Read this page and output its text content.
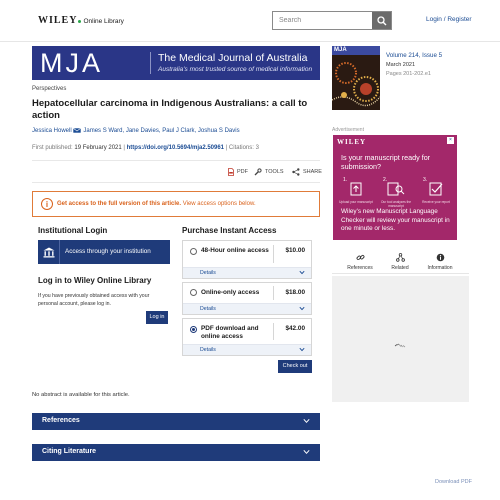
WILEY Online Library
Search	Login / Register
MJA	The Medical Journal of Australia
Australia's most trusted source of medical information
Perspectives
Hepatocellular carcinoma in Indigenous Australians: a call to action
Jessica Howell James S Ward, Jane Davies, Paul J Clark, Joshua S Davis
First published: 19 February 2021 | https://doi.org/10.5694/mja2.50961 | Citations: 3
PDF	TOOLS	SHARE
i	Get access to the full version of this article. View access options below.
Institutional Login
Access through your institution
Log in to Wiley Online Library

If you have previously obtained access with your personal account, please log in.

Log in
Purchase Instant Access
48-Hour online access	$10.00
Details
Online-only access	$18.00
Details
PDF download and online access
$42.00
Details
Check out
No abstract is available for this article.
References
Citing Literature
MJA
Volume 214, Issue 5
March 2021
Pages 201-202.e1
Advertisement
WILEY	×

Is your manuscript ready for submission?

1.
Upload your manuscript
2.
Our tool analyzes the manuscript
3.
Receive your report

Wiley's new Manuscript Language Checker will review your manuscript in one minute or less.

References	Related	Information
Download PDF
